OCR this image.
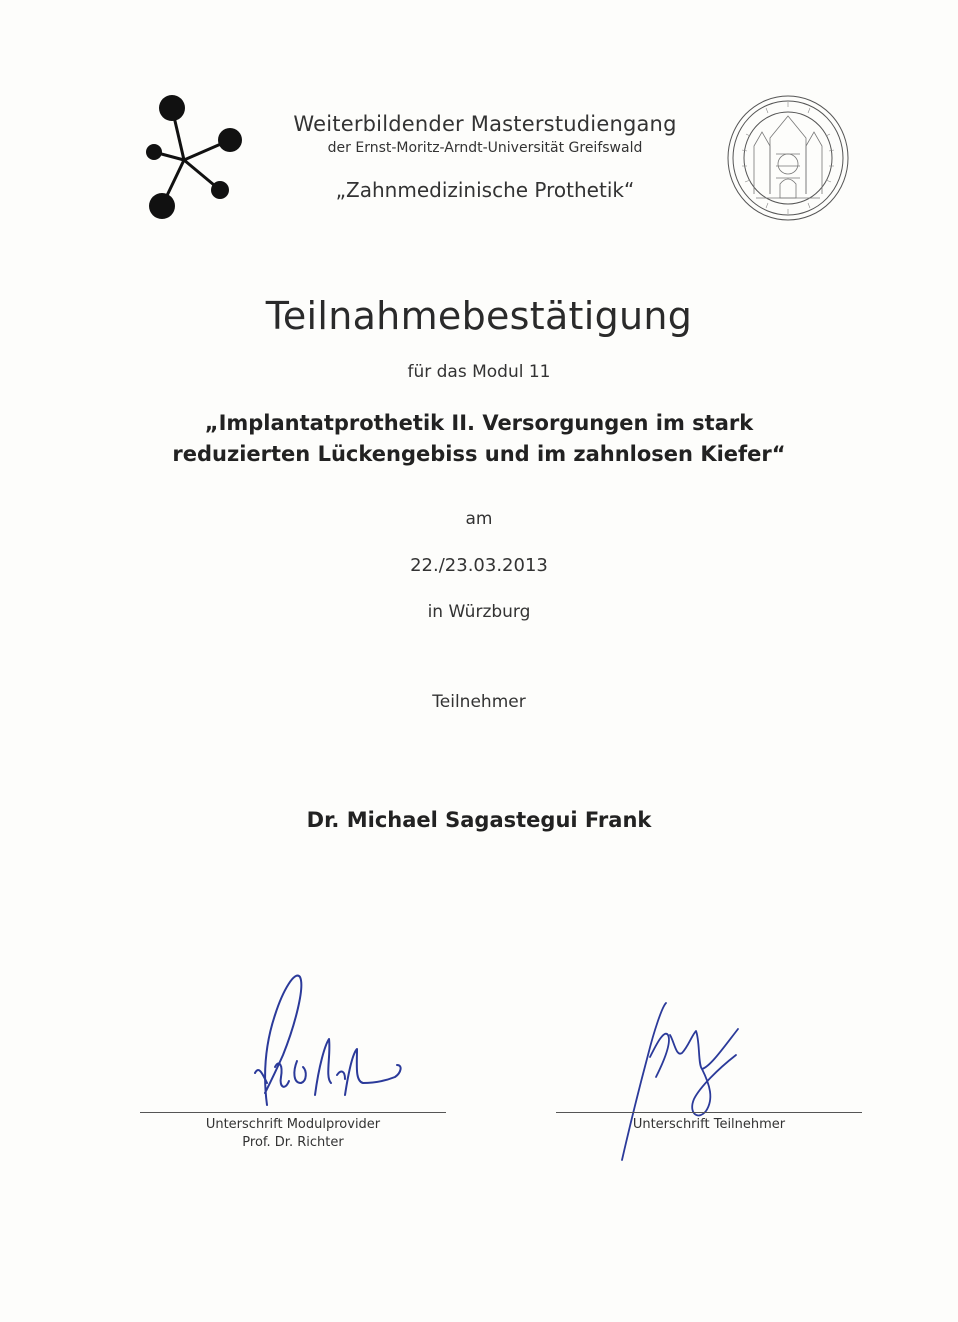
Weiterbildender Masterstudiengang
der Ernst-Moritz-Arndt-Universität Greifswald
„Zahnmedizinische Prothetik“
Teilnahmebestätigung
für das Modul 11
„Implantatprothetik II. Versorgungen im stark
reduzierten Lückengebiss und im zahnlosen Kiefer“
am
22./23.03.2013
in Würzburg
Teilnehmer
Dr. Michael Sagastegui Frank
Unterschrift Modulprovider
Prof. Dr. Richter
Unterschrift Teilnehmer
